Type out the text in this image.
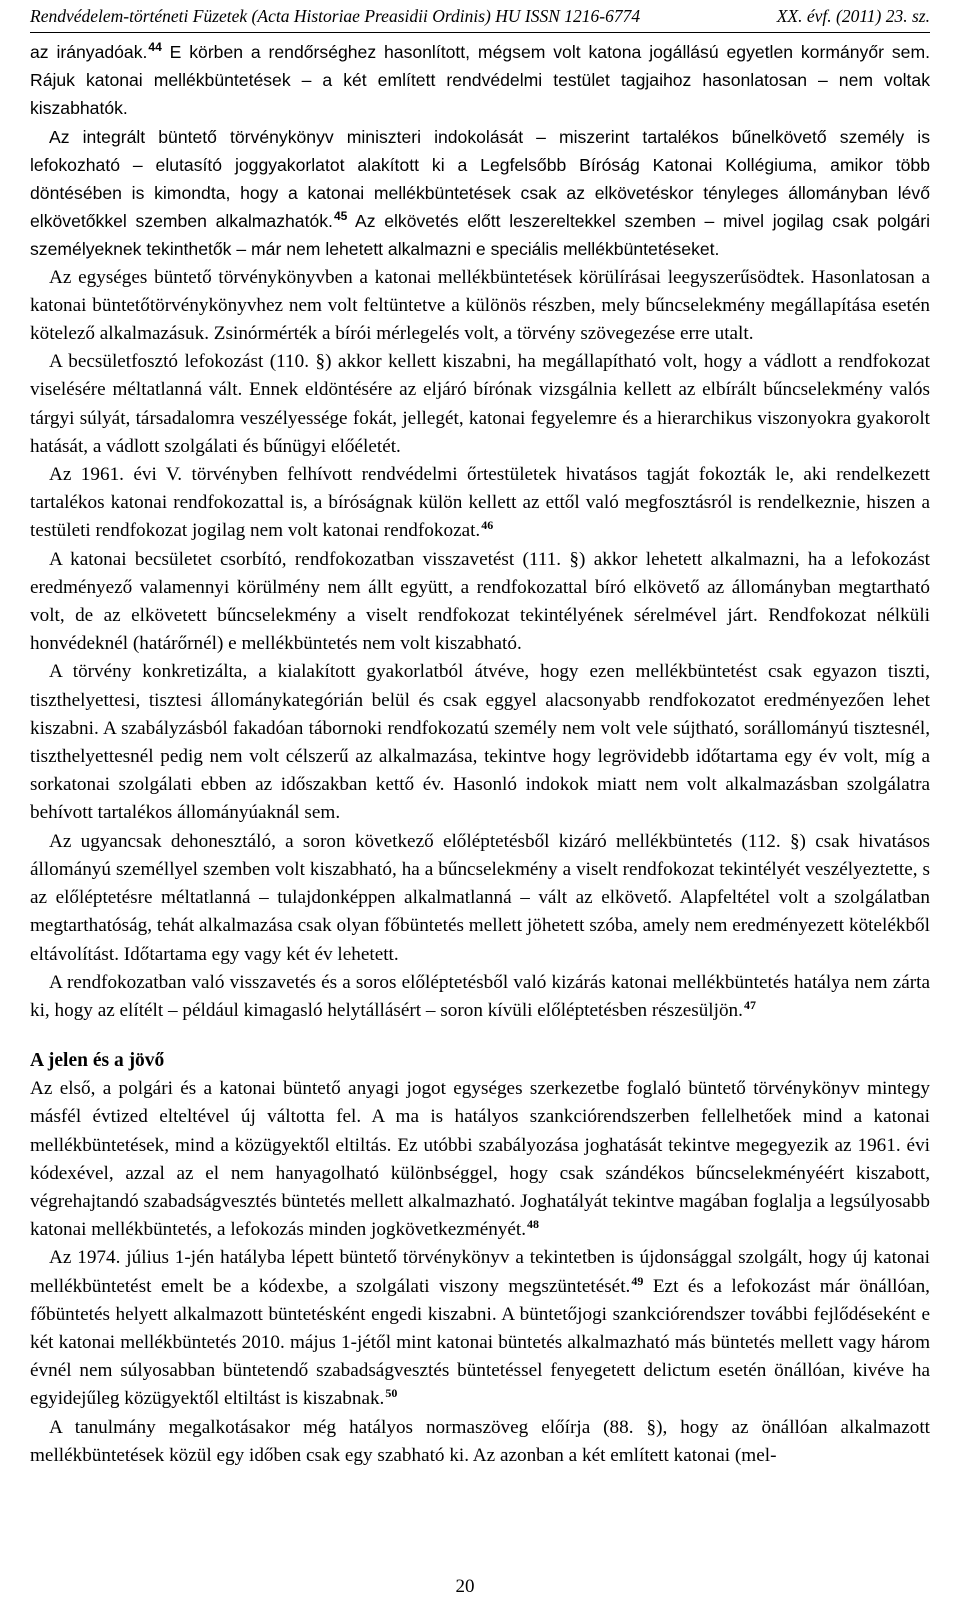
Rendvédelem-történeti Füzetek (Acta Historiae Preasidii Ordinis) HU ISSN 1216-6774	XX. évf. (2011) 23. sz.

az irányadóak.$^{44}$ E körben a rendőrséghez hasonlított, mégsem volt katona jogállású egyetlen kormányőr sem. Rájuk katonai mellékbüntetések – a két említett rendvédelmi testület tagjaihoz hasonlatosan – nem voltak kiszabhatók.

Az integrált büntető törvénykönyv miniszteri indokolását – miszerint tartalékos bűnelkövető személy is lefokozható – elutasító joggyakorlatot alakított ki a Legfelsőbb Bíróság Katonai Kollégiuma, amikor több döntésében is kimondta, hogy a katonai mellékbüntetések csak az elkövetéskor tényleges állományban lévő elkövetőkkel szemben alkalmazhatók.$^{45}$ Az elkövetés előtt leszereltekkel szemben – mivel jogilag csak polgári személyeknek tekinthetők – már nem lehetett alkalmazni e speciális mellékbüntetéseket.

Az egységes büntető törvénykönyvben a katonai mellékbüntetések körülírásai leegyszerűsödtek. Hasonlatosan a katonai büntetőtörvénykönyvhez nem volt feltüntetve a különös részben, mely bűncselekmény megállapítása esetén kötelező alkalmazásuk. Zsinórmérték a bírói mérlegelés volt, a törvény szövegezése erre utalt.

A becsületfosztó lefokozást (110. §) akkor kellett kiszabni, ha megállapítható volt, hogy a vádlott a rendfokozat viselésére méltatlanná vált. Ennek eldöntésére az eljáró bírónak vizsgálnia kellett az elbírált bűncselekmény valós tárgyi súlyát, társadalomra veszélyessége fokát, jellegét, katonai fegyelemre és a hierarchikus viszonyokra gyakorolt hatását, a vádlott szolgálati és bűnügyi előéletét.

Az 1961. évi V. törvényben felhívott rendvédelmi őrtestületek hivatásos tagját fokozták le, aki rendelkezett tartalékos katonai rendfokozattal is, a bíróságnak külön kellett az ettől való megfosztásról is rendelkeznie, hiszen a testületi rendfokozat jogilag nem volt katonai rendfokozat.$^{46}$

A katonai becsületet csorbító, rendfokozatban visszavetést (111. §) akkor lehetett alkalmazni, ha a lefokozást eredményező valamennyi körülmény nem állt együtt, a rendfokozattal bíró elkövető az állományban megtartható volt, de az elkövetett bűncselekmény a viselt rendfokozat tekintélyének sérelmével járt. Rendfokozat nélküli honvédeknél (határőrnél) e mellékbüntetés nem volt kiszabható.

A törvény konkretizálta, a kialakított gyakorlatból átvéve, hogy ezen mellékbüntetést csak egyazon tiszti, tiszthelyettesi, tisztesi állománykategórián belül és csak eggyel alacsonyabb rendfokozatot eredményezően lehet kiszabni. A szabályzásból fakadóan tábornoki rendfokozatú személy nem volt vele sújtható, sorállományú tisztesnél, tiszthelyettesnél pedig nem volt célszerű az alkalmazása, tekintve hogy legrövidebb időtartama egy év volt, míg a sorkatonai szolgálati ebben az időszakban kettő év. Hasonló indokok miatt nem volt alkalmazásban szolgálatra behívott tartalékos állományúaknál sem.

Az ugyancsak dehonesztáló, a soron következő előléptetésből kizáró mellékbüntetés (112. §) csak hivatásos állományú személlyel szemben volt kiszabható, ha a bűncselekmény a viselt rendfokozat tekintélyét veszélyeztette, s az előléptetésre méltatlanná – tulajdonképpen alkalmatlanná – vált az elkövető. Alapfeltétel volt a szolgálatban megtarthatóság, tehát alkalmazása csak olyan főbüntetés mellett jöhetett szóba, amely nem eredményezett kötelékből eltávolítást. Időtartama egy vagy két év lehetett.

A rendfokozatban való visszavetés és a soros előléptetésből való kizárás katonai mellékbüntetés hatálya nem zárta ki, hogy az elítélt – például kimagasló helytállásért – soron kívüli előléptetésben részesüljön.$^{47}$

A jelen és a jövő

Az első, a polgári és a katonai büntető anyagi jogot egységes szerkezetbe foglaló büntető törvénykönyv mintegy másfél évtized elteltével új váltotta fel. A ma is hatályos szankciórendszerben fellelhetőek mind a katonai mellékbüntetések, mind a közügyektől eltiltás. Ez utóbbi szabályozása joghatását tekintve megegyezik az 1961. évi kódexével, azzal az el nem hanyagolható különbséggel, hogy csak szándékos bűncselekményéért kiszabott, végrehajtandó szabadságvesztés büntetés mellett alkalmazható. Joghatályát tekintve magában foglalja a legsúlyosabb katonai mellékbüntetés, a lefokozás minden jogkövetkezményét.$^{48}$

Az 1974. július 1-jén hatályba lépett büntető törvénykönyv a tekintetben is újdonsággal szolgált, hogy új katonai mellékbüntetést emelt be a kódexbe, a szolgálati viszony megszüntetését.$^{49}$ Ezt és a lefokozást már önállóan, főbüntetés helyett alkalmazott büntetésként engedi kiszabni. A büntetőjogi szankciórendszer további fejlődéseként e két katonai mellékbüntetés 2010. május 1-jétől mint katonai büntetés alkalmazható más büntetés mellett vagy három évnél nem súlyosabban büntetendő szabadságvesztés büntetéssel fenyegetett delictum esetén önállóan, kivéve ha egyidejűleg közügyektől eltiltást is kiszabnak.$^{50}$

A tanulmány megalkotásakor még hatályos normaszöveg előírja (88. §), hogy az önállóan alkalmazott mellékbüntetések közül egy időben csak egy szabható ki. Az azonban a két említett katonai (mel-

20
